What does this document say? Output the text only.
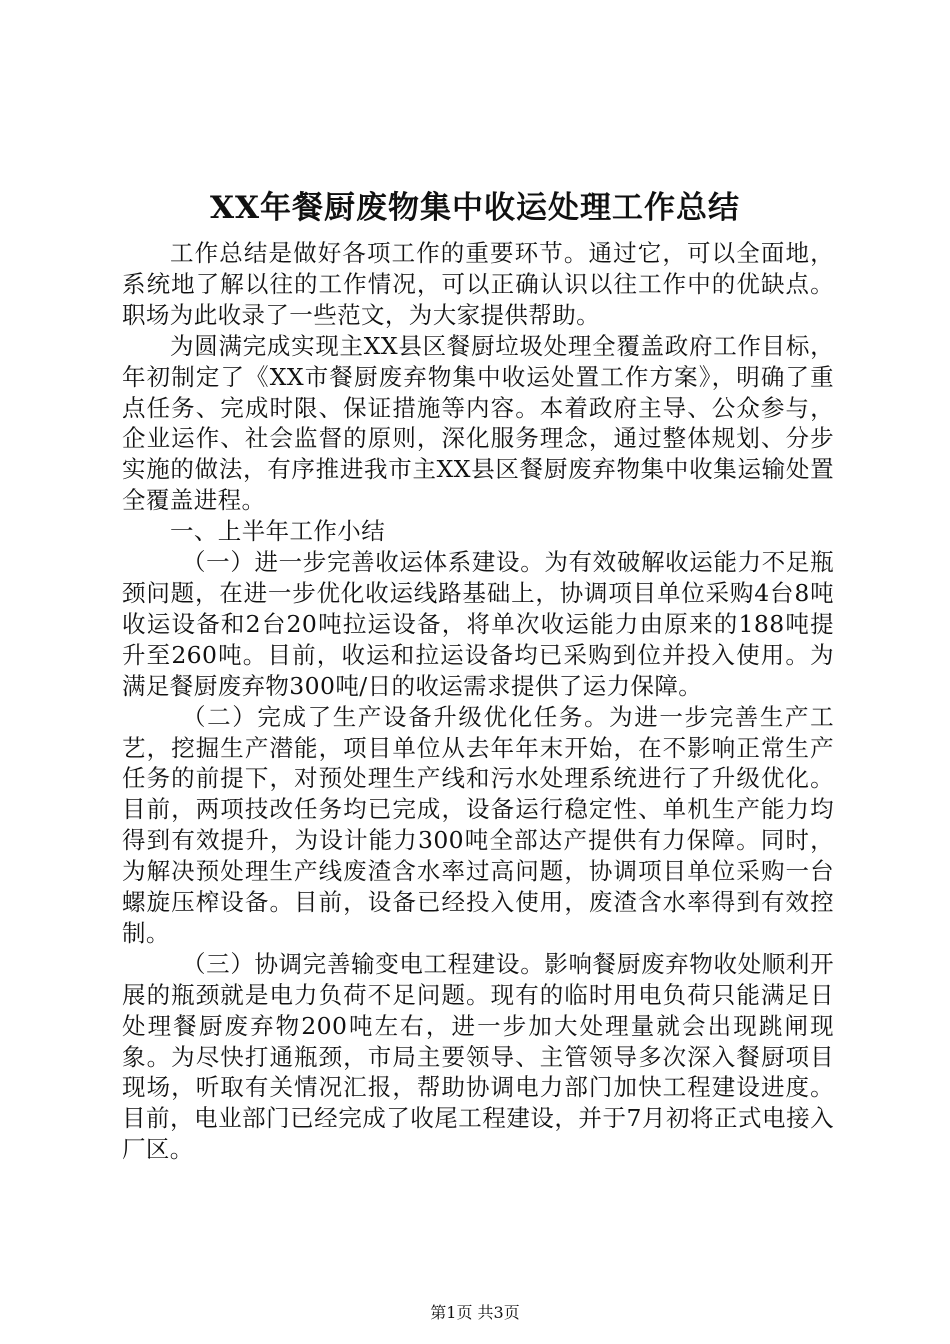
XX年餐厨废物集中收运处理工作总结

工作总结是做好各项工作的重要环节。通过它，可以全面地，系统地了解以往的工作情况，可以正确认识以往工作中的优缺点。职场为此收录了一些范文，为大家提供帮助。

为圆满完成实现主XX县区餐厨垃圾处理全覆盖政府工作目标，年初制定了《XX市餐厨废弃物集中收运处置工作方案》，明确了重点任务、完成时限、保证措施等内容。本着政府主导、公众参与，企业运作、社会监督的原则，深化服务理念，通过整体规划、分步实施的做法，有序推进我市主XX县区餐厨废弃物集中收集运输处置全覆盖进程。

一、上半年工作小结

（一）进一步完善收运体系建设。为有效破解收运能力不足瓶颈问题，在进一步优化收运线路基础上，协调项目单位采购4台8吨收运设备和2台20吨拉运设备，将单次收运能力由原来的188吨提升至260吨。目前，收运和拉运设备均已采购到位并投入使用。为满足餐厨废弃物300吨/日的收运需求提供了运力保障。

（二）完成了生产设备升级优化任务。为进一步完善生产工艺，挖掘生产潜能，项目单位从去年年末开始，在不影响正常生产任务的前提下，对预处理生产线和污水处理系统进行了升级优化。目前，两项技改任务均已完成，设备运行稳定性、单机生产能力均得到有效提升，为设计能力300吨全部达产提供有力保障。同时，为解决预处理生产线废渣含水率过高问题，协调项目单位采购一台螺旋压榨设备。目前，设备已经投入使用，废渣含水率得到有效控制。

（三）协调完善输变电工程建设。影响餐厨废弃物收处顺利开展的瓶颈就是电力负荷不足问题。现有的临时用电负荷只能满足日处理餐厨废弃物200吨左右，进一步加大处理量就会出现跳闸现象。为尽快打通瓶颈，市局主要领导、主管领导多次深入餐厨项目现场，听取有关情况汇报，帮助协调电力部门加快工程建设进度。目前，电业部门已经完成了收尾工程建设，并于7月初将正式电接入厂区。

第1页 共3页
